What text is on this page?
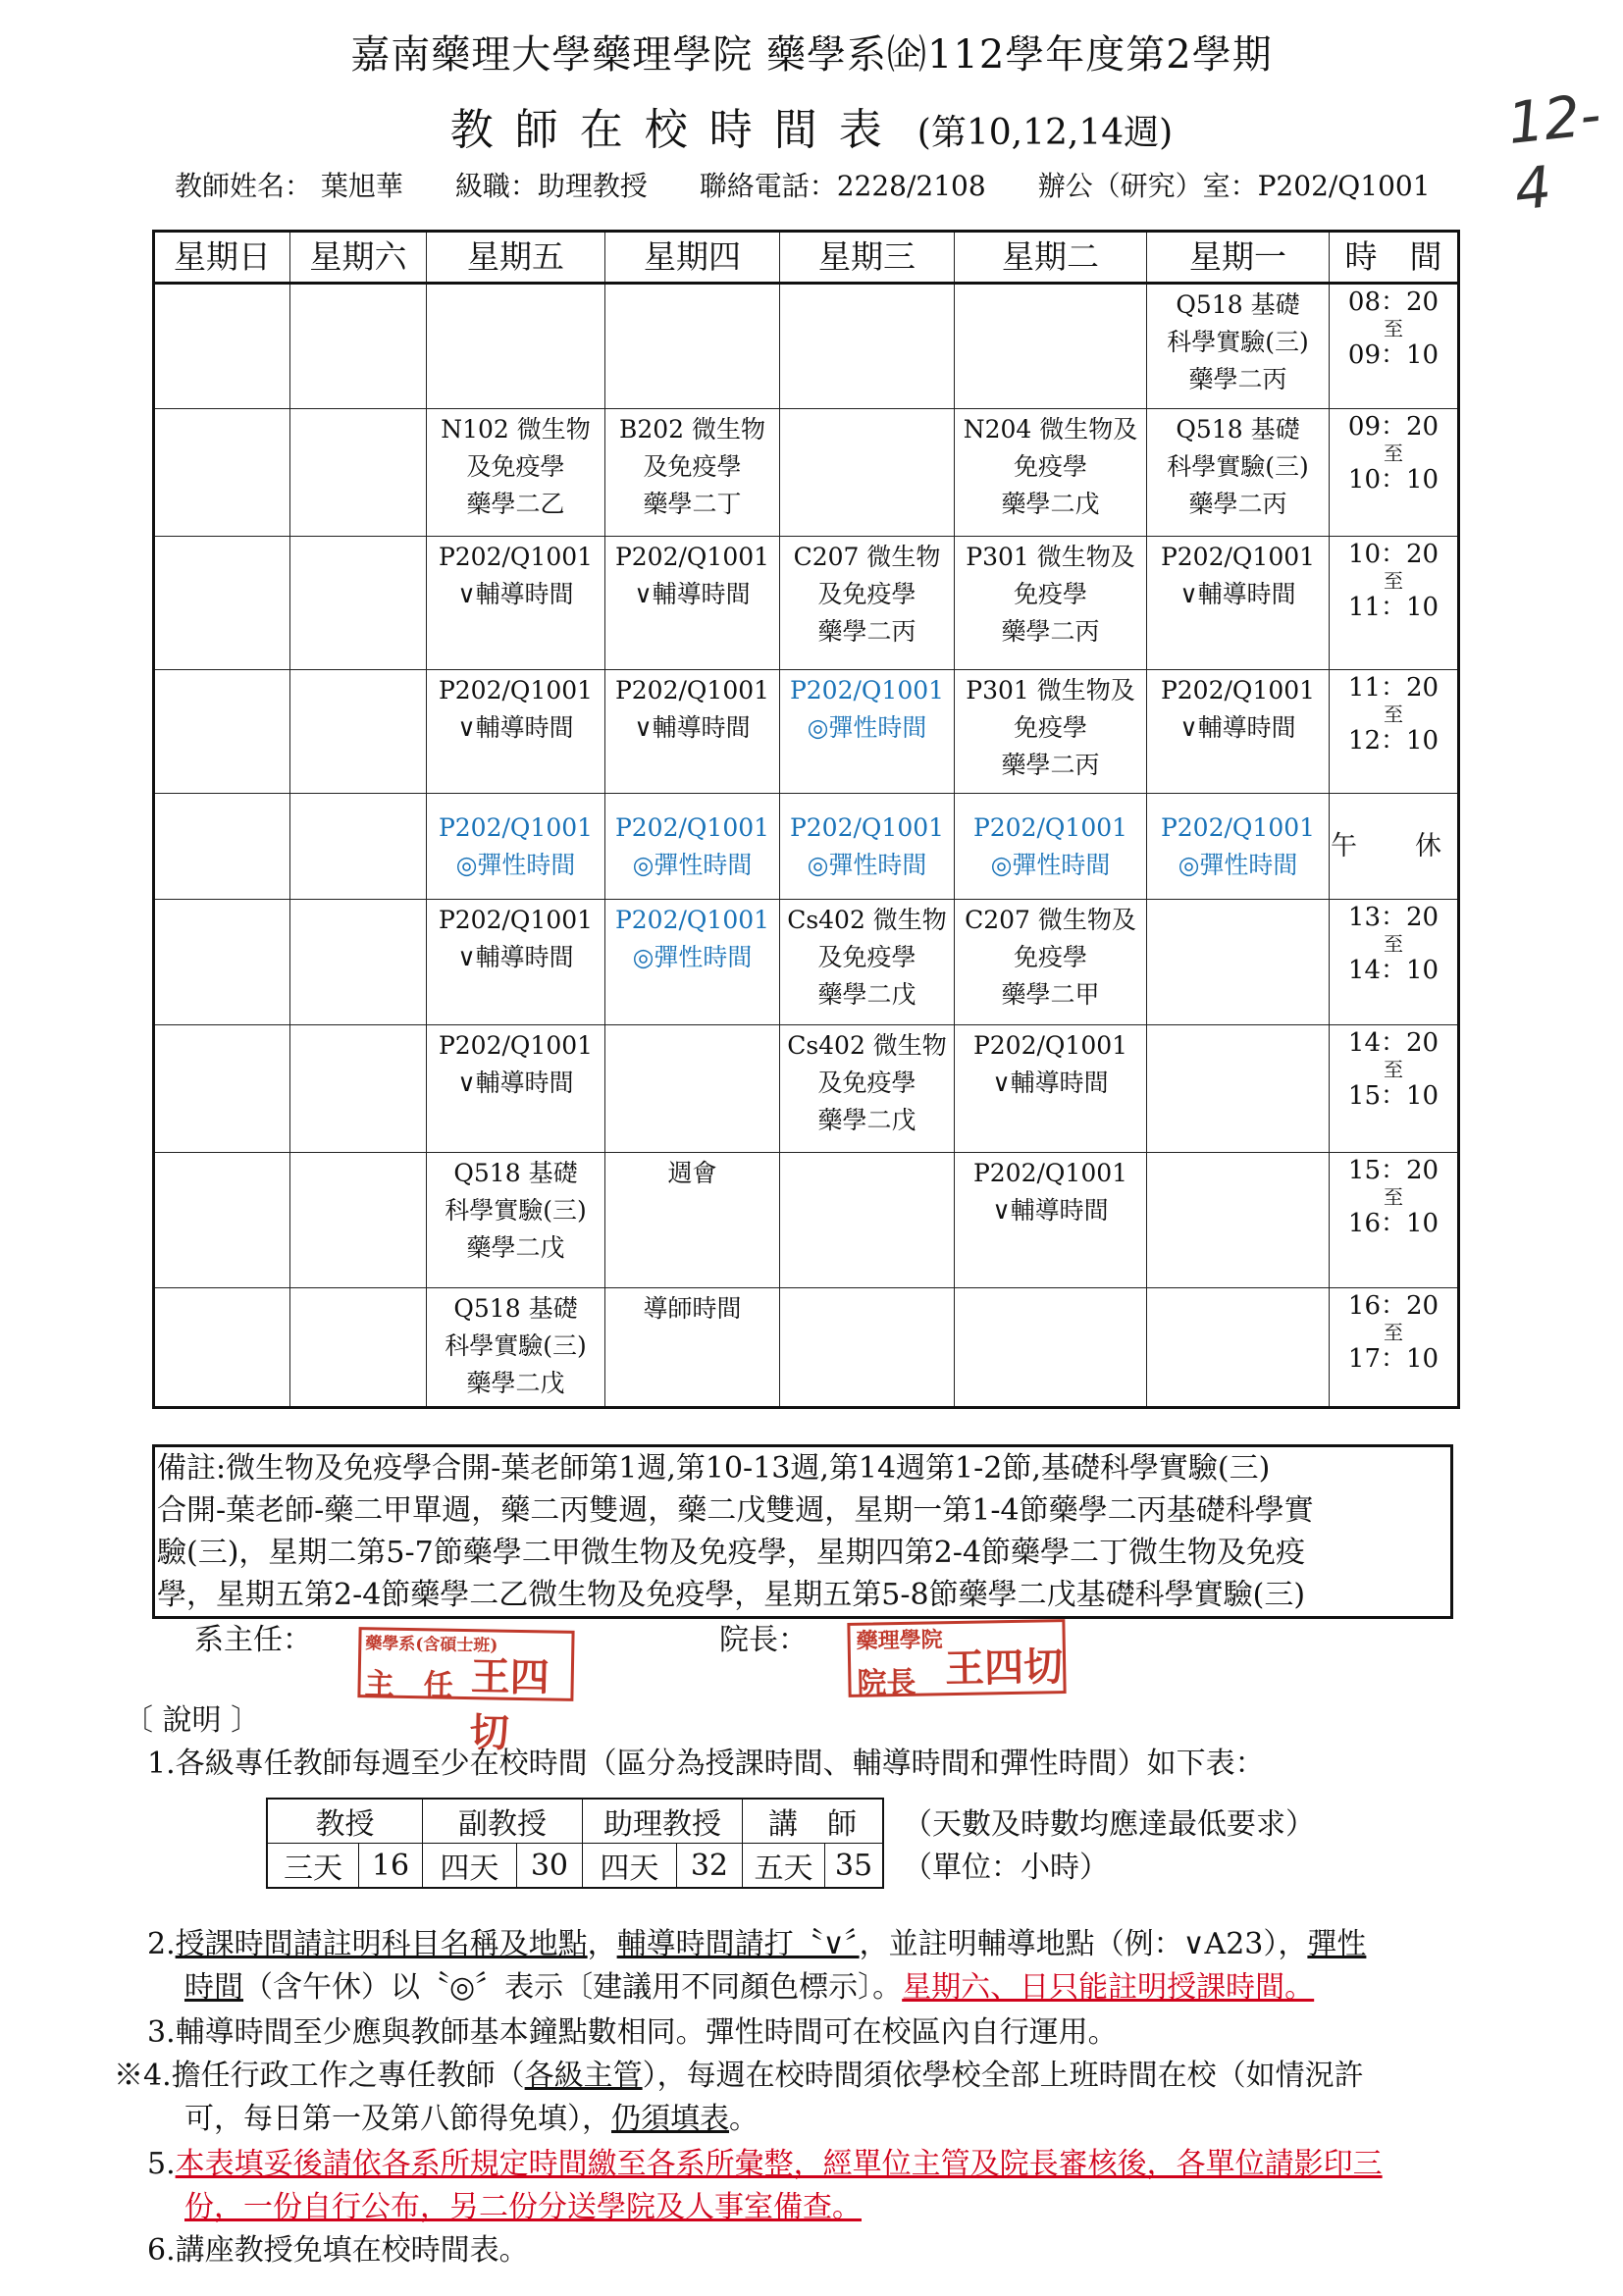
嘉南藥理大學藥理學院 藥學系㈽112學年度第2學期
教師在校時間表 (第10,12,14週)	12-4
教師姓名： 葉旭華 級職：助理教授 聯絡電話：2228/2108 辦公（研究）室：P202/Q1001
星期日	星期六	星期五	星期四	星期三	星期二	星期一	時　間

						Q518 基礎
科學實驗(三)
藥學二丙	08：20
至
09：10

		N102 微生物
及免疫學
藥學二乙	B202 微生物
及免疫學
藥學二丁		N204 微生物及
免疫學
藥學二戊	Q518 基礎
科學實驗(三)
藥學二丙	09：20
至
10：10

		P202/Q1001
∨輔導時間	P202/Q1001
∨輔導時間	C207 微生物
及免疫學
藥學二丙	P301 微生物及
免疫學
藥學二丙	P202/Q1001
∨輔導時間	10：20
至
11：10

		P202/Q1001
∨輔導時間	P202/Q1001
∨輔導時間	P202/Q1001
◎彈性時間	P301 微生物及
免疫學
藥學二丙	P202/Q1001
∨輔導時間	11：20
至
12：10

		P202/Q1001
◎彈性時間	P202/Q1001
◎彈性時間	P202/Q1001
◎彈性時間	P202/Q1001
◎彈性時間	P202/Q1001
◎彈性時間	午　休

		P202/Q1001
∨輔導時間	P202/Q1001
◎彈性時間	Cs402 微生物
及免疫學
藥學二戊	C207 微生物及
免疫學
藥學二甲		13：20
至
14：10

		P202/Q1001
∨輔導時間		Cs402 微生物
及免疫學
藥學二戊	P202/Q1001
∨輔導時間		14：20
至
15：10

		Q518 基礎
科學實驗(三)
藥學二戊	週會		P202/Q1001
∨輔導時間		15：20
至
16：10

		Q518 基礎
科學實驗(三)
藥學二戊	導師時間				16：20
至
17：10
備註:微生物及免疫學合開-葉老師第1週,第10-13週,第14週第1-2節,基礎科學實驗(三)
合開-葉老師-藥二甲單週，藥二丙雙週，藥二戊雙週，星期一第1-4節藥學二丙基礎科學實
驗(三)，星期二第5-7節藥學二甲微生物及免疫學，星期四第2-4節藥學二丁微生物及免疫
學，星期五第2-4節藥學二乙微生物及免疫學，星期五第5-8節藥學二戊基礎科學實驗(三)
系主任：	藥學系(含碩士班)
主　任 王四切
院長： 藥理學院
院長 王四切
〔 說明 〕
1.各級專任教師每週至少在校時間（區分為授課時間、輔導時間和彈性時間）如下表：
教授		副教授		助理教授		講　師	
三天	16	四天	30	四天	32	五天	35
（天數及時數均應達最低要求）
（單位：小時）
2.授課時間請註明科目名稱及地點，輔導時間請打〝∨〞，並註明輔導地點（例：∨A23），彈性
時間（含午休）以〝◎〞表示〔建議用不同顏色標示〕。星期六、日只能註明授課時間。
3.輔導時間至少應與教師基本鐘點數相同。彈性時間可在校區內自行運用。
※4.擔任行政工作之專任教師（各級主管），每週在校時間須依學校全部上班時間在校（如情況許
可，每日第一及第八節得免填），仍須填表。
5.本表填妥後請依各系所規定時間繳至各系所彙整，經單位主管及院長審核後，各單位請影印三
份，一份自行公布，另二份分送學院及人事室備查。
6.講座教授免填在校時間表。
